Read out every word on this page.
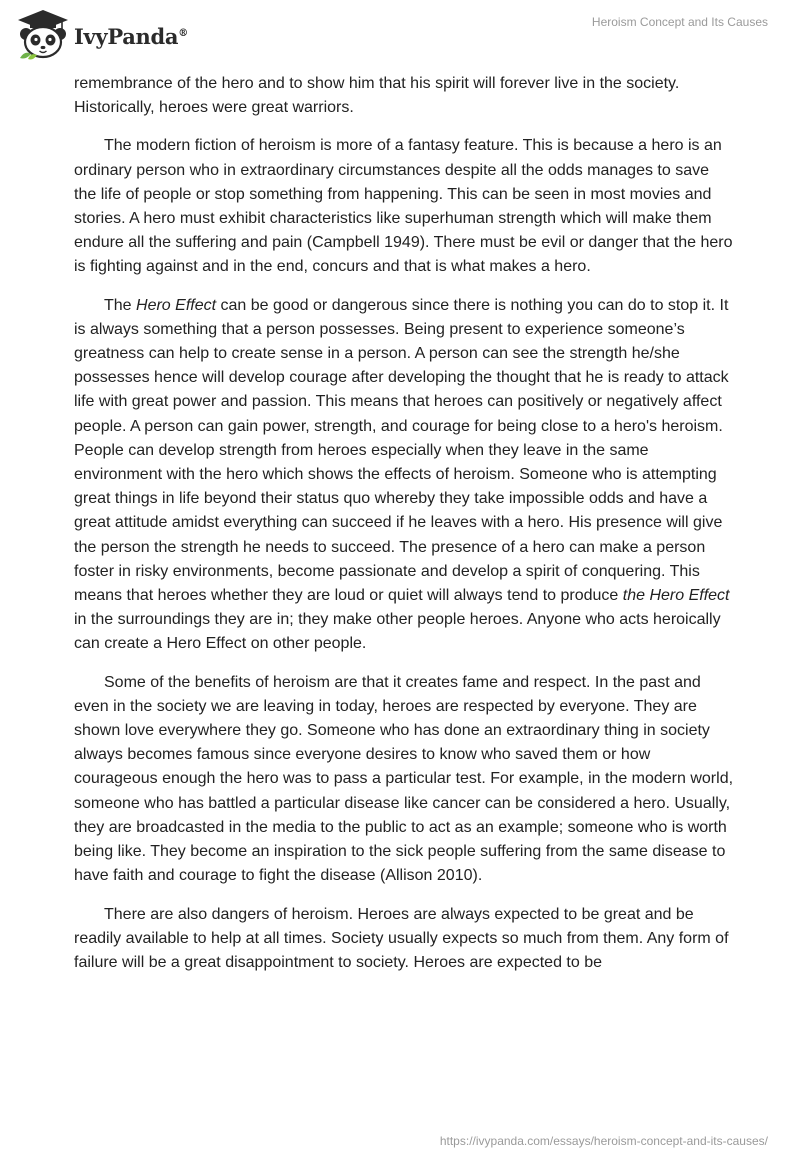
IvyPanda®
Heroism Concept and Its Causes

remembrance of the hero and to show him that his spirit will forever live in the society. Historically, heroes were great warriors.

The modern fiction of heroism is more of a fantasy feature. This is because a hero is an ordinary person who in extraordinary circumstances despite all the odds manages to save the life of people or stop something from happening. This can be seen in most movies and stories. A hero must exhibit characteristics like superhuman strength which will make them endure all the suffering and pain (Campbell 1949). There must be evil or danger that the hero is fighting against and in the end, concurs and that is what makes a hero.

The Hero Effect can be good or dangerous since there is nothing you can do to stop it. It is always something that a person possesses. Being present to experience someone’s greatness can help to create sense in a person. A person can see the strength he/she possesses hence will develop courage after developing the thought that he is ready to attack life with great power and passion. This means that heroes can positively or negatively affect people. A person can gain power, strength, and courage for being close to a hero's heroism. People can develop strength from heroes especially when they leave in the same environment with the hero which shows the effects of heroism. Someone who is attempting great things in life beyond their status quo whereby they take impossible odds and have a great attitude amidst everything can succeed if he leaves with a hero. His presence will give the person the strength he needs to succeed. The presence of a hero can make a person foster in risky environments, become passionate and develop a spirit of conquering. This means that heroes whether they are loud or quiet will always tend to produce the Hero Effect in the surroundings they are in; they make other people heroes. Anyone who acts heroically can create a Hero Effect on other people.

Some of the benefits of heroism are that it creates fame and respect. In the past and even in the society we are leaving in today, heroes are respected by everyone. They are shown love everywhere they go. Someone who has done an extraordinary thing in society always becomes famous since everyone desires to know who saved them or how courageous enough the hero was to pass a particular test. For example, in the modern world, someone who has battled a particular disease like cancer can be considered a hero. Usually, they are broadcasted in the media to the public to act as an example; someone who is worth being like. They become an inspiration to the sick people suffering from the same disease to have faith and courage to fight the disease (Allison 2010).

There are also dangers of heroism. Heroes are always expected to be great and be readily available to help at all times. Society usually expects so much from them. Any form of failure will be a great disappointment to society. Heroes are expected to be

https://ivypanda.com/essays/heroism-concept-and-its-causes/
